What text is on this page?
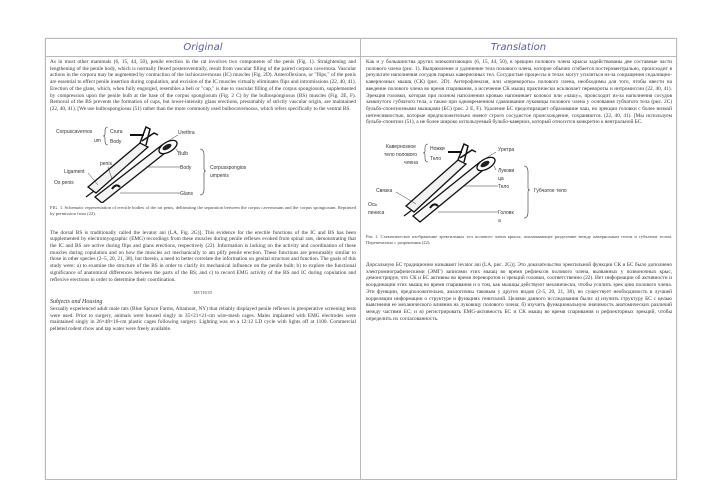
Original	Translation

As in most other mammals (6, 15, 44, 50), penile erection in the rat involves two components of the penis (Fig. 1). Straightening and lengthening of the penile body, which is normally flexed posteroventrally, result from vascular filling of the paired corpora cavernosa. Vascular actions in the corpora may be augmented by contraction of the ischiocavernosus (IC) muscles (Fig. 2D). Anteroflexions, or "flips," of the penis are essential to effect penile insertion during copulation, and excision of the IC muscles virtually eliminates flips and intromissions (22, 40, 41). Erection of the glans, which, when fully engorged, resembles a bell or "cup," is due to vascular filling of the corpus spongiosum, supplemented by compression upon the penile bulb at the base of the corpus spongiosum (Fig. 2 C) by the bulbospongiosus (BS) muscles (Fig. 2E, F). Removal of the BS prevents the formation of cups, but lower-intensity glans erections, presumably of strictly vascular origin, are maintained (22, 40, 41). [We use bulbospongiosus (51) rather than the more commonly used bulbocavernosus, which refers specifically to the ventral BS.

Corpuscavernos
um
Crura
Body
Urethra
penis
Ligament
Bulb
Body	Corpusspongios
umpenis
Os penis
Glans
FIG. 1. Schematic representation of erectile bodies of the rat penis, delineating the separation between the corpus cavernosum and the corpus spongiosum. Reprinted by permission from (22).

The dorsal BS is traditionally called the levator ani (LA, Fig. 2G)]. This evidence for the erectile functions of the IC and BS has been supplemented by electromyographic (EMG) recordings from these muscles during penile reflexes evoked from spinal rats, demonstrating that the IC and BS are active during flips and glans erections, respectively (22). Information is lacking on the activity and coordination of these muscles during copulation and on how the muscles act mechanically to am plify penile erection. These functions are presumably similar to those in other species (2–5, 20, 21, 38), but therein, a need to better correlate the information on genital structure and function. The goals of this study were: a) to examine the structure of the BS in order to clarify its mechanical influence on the penile bulb; b) to explore the functional significance of anatomical differences between the parts of the BS; and c) to record EMG activity of the BS and IC during copulation and reflexive erections in order to determine their coordination.

METHOD
Subjects and Housing

Sexually experienced adult male rats (Blue Spruce Farms, Altamont, NY) that reliably displayed penile reflexes in preoperative screening tests were used. Prior to surgery, animals were housed singly in 35×21×21-cm wire-mesh cages. Males implanted with EMG electrodes were maintained singly in 26×48×16-cm plastic cages following surgery. Lighting was on a 12:12 LD cycle with lights off at 1100. Commercial pelleted rodent chow and tap water were freely available.

Как и у большинства других млекопитающих (6, 15, 44, 50), в эрекции полового члена крысы задействованы две составные части полового члена (рис. 1). Выпрямление и удлинение тела полового члена, которое обычно сгибается постеровентрально, происходит в результате наполнения сосудов парных кавернозных тел. Сосудистые процессы в телах могут усилиться из-за сокращения седалищно-кавернозных мышц (СК) (рис. 2D). Антерофлексия, или «перевороты» полового члена, необходимы для того, чтобы ввести на введение полового члена во время спаривания, а иссечение СК мышц практически исключает перевороты и интромиссии (22, 40, 41). Эрекция головки, которая при полном наполнении кровью напоминает колокол или «чашу», происходит из-за наполнения сосудов замкнутого губчатого тела, а также при одновременном сдавливании луковицы полового члена у основания губчатого тела (рис. 2C) бульбо-спонгиозными мышцами (БС) (рис. 2 E, F). Удаление БС предотвращает образование чаш, но эрекции головки с более низкой интенсивностью, которые предположительно имеют строго сосудистое происхождение, сохраняются. (22, 40, 41). [Мы используем бульбо-спонгиоз (51), а не более широко используемый бульбо-кавернoз, который относится конкретно к вентральной БС.

Кавернозное
тело полового
члена
Ножки
Тело
Уретра
Связка
Ось
пениса
Лукови
ца
Тело
Губчатое тело
Головк
а
Рис 1. Схематическое изображение эректильных тел полового члена крысы, показывающее разделение между кавернозным телом и губчатым телом. Перепечатано с разрешения (22).

Дорсальную БС традиционно называют levator ani (LA, рис. 2G)]. Это доказательство эректильной функции СК и БС было дополнено электромиографическими (ЭМГ) записями этих мышц во время рефлексов полового члена, вызванных у позвоночных крыс, демонстрируя, что СК и БС активны во время переворотов и эрекций головки, соответственно (22). Нет информации об активности и координации этих мышц во время спаривания и о том, как мышцы действуют механически, чтобы усилить эрек цию полового члена. Эти функции, предположительно, аналогичны таковым у других видов (2-5, 20, 21, 38), но существует необходимость в лучшей корреляции информации о структуре и функциях гениталий. Целями данного исследования были: а) изучить структуру БС с целью выяснения ее механического влияния на луковицу полового члена; б) изучить функциональную значимость анатомических различий между частями БС; и в) регистрировать EMG-активность БС и СК мышц во время спаривания и рефлекторных эрекций, чтобы определить их согласованность.
